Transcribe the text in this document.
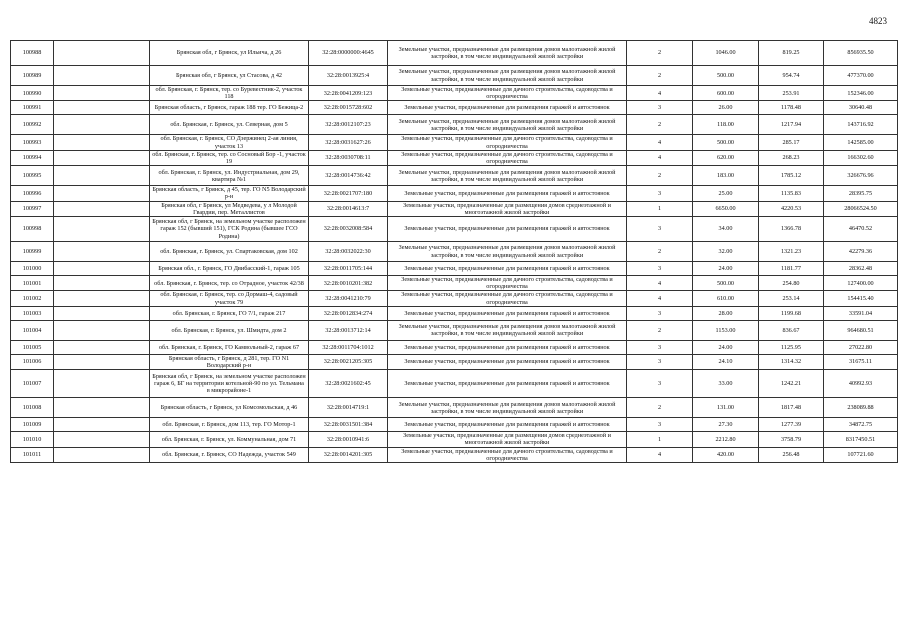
4823
100988		Брянская обл, г Брянск, ул Ильича, д 26	32:28:0000000:4645	Земельные участки, предназначенные для размещения домов малоэтажной жилой застройки, в том числе индивидуальной жилой застройки	2	1046.00	819.25	856935.50
100989		Брянская обл, г Брянск, ул Стасова, д 42	32:28:0013925:4	Земельные участки, предназначенные для размещения домов малоэтажной жилой застройки, в том числе индивидуальной жилой застройки	2	500.00	954.74	477370.00
100990		обл. Брянская, г. Брянск, тер. со Буревестник-2, участок 118	32:28:0041209:123	Земельные участки, предназначенные для дачного строительства, садоводства и огородничества	4	600.00	253.91	152346.00
100991		Брянская область, г Брянск, гараж 188 тер. ГО Бежица-2	32:28:0015728:602	Земельные участки, предназначенные для размещения гаражей и автостоянок	3	26.00	1178.48	30640.48
100992		обл. Брянская, г. Брянск, ул. Северная, дом 5	32:28:0012107:23	Земельные участки, предназначенные для размещения домов малоэтажной жилой застройки, в том числе индивидуальной жилой застройки	2	118.00	1217.94	143716.92
100993		обл. Брянская, г. Брянск, СО Дзержинец 2-ая линия, участок 13	32:28:0031627:26	Земельные участки, предназначенные для дачного строительства, садоводства и огородничества	4	500.00	285.17	142585.00
100994		обл. Брянская, г. Брянск, тер. со Сосновый Бор -1, участок 19	32:28:0030708:11	Земельные участки, предназначенные для дачного строительства, садоводства и огородничества	4	620.00	268.23	166302.60
100995		обл. Брянская, г. Брянск, ул. Индустриальная, дом 29, квартира №1	32:28:0014736:42	Земельные участки, предназначенные для размещения домов малоэтажной жилой застройки, в том числе индивидуальной жилой застройки	2	183.00	1785.12	326676.96
100996		Брянская область, г Брянск, д 45, тер. ГО N5 Володарский р-н	32:28:0021707:180	Земельные участки, предназначенные для размещения гаражей и автостоянок	3	25.00	1135.83	28395.75
100997		Брянская обл, г Брянск, ул Медведева, у л Молодой Гвардии, пер. Металлистов	32:28:0014613:7	Земельные участки, предназначенные для размещения домов среднеэтажной и многоэтажной жилой застройки	1	6650.00	4220.53	28066524.50
100998		Брянская обл, г Брянск, на земельном участке расположен гараж 152 (бывший 151), ГСК Родина (бывшее ГСО Родина)	32:28:0032008:584	Земельные участки, предназначенные для размещения гаражей и автостоянок	3	34.00	1366.78	46470.52
100999		обл. Брянская, г. Брянск, ул. Спартаковская, дом 102	32:28:0032022:30	Земельные участки, предназначенные для размещения домов малоэтажной жилой застройки, в том числе индивидуальной жилой застройки	2	32.00	1321.23	42279.36
101000		Брянская обл., г. Брянск, ГО Двибасский-1, гараж 105	32:28:0011705:144	Земельные участки, предназначенные для размещения гаражей и автостоянок	3	24.00	1181.77	28362.48
101001		обл. Брянская, г. Брянск, тер. со Отрадное, участок 42/38	32:28:0010201:382	Земельные участки, предназначенные для дачного строительства, садоводства и огородничества	4	500.00	254.80	127400.00
101002		обл. Брянская, г. Брянск, тер. со Дормаш-4, садовый участок 79	32:28:0041210:79	Земельные участки, предназначенные для дачного строительства, садоводства и огородничества	4	610.00	253.14	154415.40
101003		обл. Брянская, г. Брянск, ГО 7/1, гараж 217	32:28:0012834:274	Земельные участки, предназначенные для размещения гаражей и автостоянок	3	28.00	1199.68	33591.04
101004		обл. Брянская, г. Брянск, ул. Шмидта, дом 2	32:28:0013712:14	Земельные участки, предназначенные для размещения домов малоэтажной жилой застройки, в том числе индивидуальной жилой застройки	2	1153.00	836.67	964680.51
101005		обл. Брянская, г. Брянск, ГО Камвольный-2, гараж 67	32:28:0011704:1012	Земельные участки, предназначенные для размещения гаражей и автостоянок	3	24.00	1125.95	27022.80
101006		Брянская область, г Брянск, д 281, тер. ГО N1 Володарский р-н	32:28:0021205:305	Земельные участки, предназначенные для размещения гаражей и автостоянок	3	24.10	1314.32	31675.11
101007		Брянская обл, г Брянск, на земельном участке расположен гараж 6, БГ на территории котельной-90 по ул. Тельмана в микрорайоне-1	32:28:0021602:45	Земельные участки, предназначенные для размещения гаражей и автостоянок	3	33.00	1242.21	40992.93
101008		Брянская область, г Брянск, ул Комсомольская, д 46	32:28:0014719:1	Земельные участки, предназначенные для размещения домов малоэтажной жилой застройки, в том числе индивидуальной жилой застройки	2	131.00	1817.48	238089.88
101009		обл. Брянская, г. Брянск, дом 113, тер. ГО Мотор-1	32:28:0031501:384	Земельные участки, предназначенные для размещения гаражей и автостоянок	3	27.30	1277.39	34872.75
101010		обл. Брянская, г. Брянск, ул. Коммунальная, дом 71	32:28:0010941:6	Земельные участки, предназначенные для размещения домов среднеэтажной и многоэтажной жилой застройки	1	2212.80	3758.79	8317450.51
101011		обл. Брянская, г. Брянск, СО Надежда, участок 549	32:28:0014201:305	Земельные участки, предназначенные для дачного строительства, садоводства и огородничества	4	420.00	256.48	107721.60
